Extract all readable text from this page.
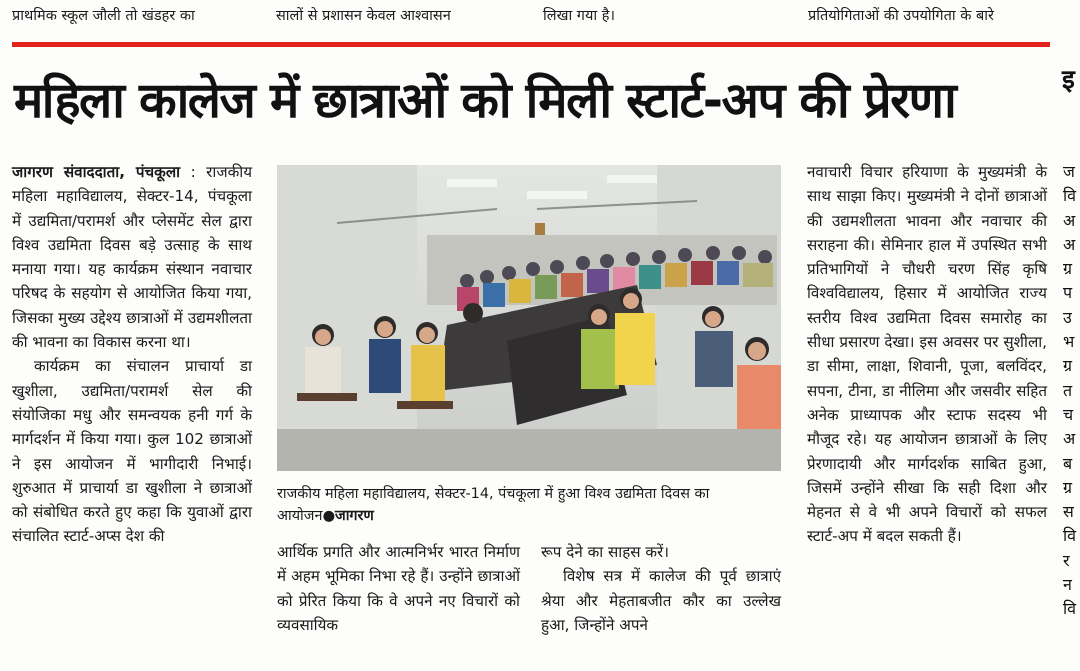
प्राथमिक स्कूल जौली तो खंडहर का	सालों से प्रशासन केवल आश्वासन	लिखा गया है।	प्रतियोगिताओं की उपयोगिता के बारे
महिला कालेज में छात्राओं को मिली स्टार्ट-अप की प्रेरणा	इ

जागरण संवाददाता, पंचकूला : राजकीय महिला महाविद्यालय, सेक्टर-14, पंचकूला में उद्यमिता/परामर्श और प्लेसमेंट सेल द्वारा विश्व उद्यमिता दिवस बड़े उत्साह के साथ मनाया गया। यह कार्यक्रम संस्थान नवाचार परिषद के सहयोग से आयोजित किया गया, जिसका मुख्य उद्देश्य छात्राओं में उद्यमशीलता की भावना का विकास करना था।

कार्यक्रम का संचालन प्राचार्या डा खुशीला, उद्यमिता/परामर्श सेल की संयोजिका मधु और समन्वयक हनी गर्ग के मार्गदर्शन में किया गया। कुल 102 छात्राओं ने इस आयोजन में भागीदारी निभाई। शुरुआत में प्राचार्या डा खुशीला ने छात्राओं को संबोधित करते हुए कहा कि युवाओं द्वारा संचालित स्टार्ट-अप्स देश की

राजकीय महिला महाविद्यालय, सेक्टर-14, पंचकूला में हुआ विश्व उद्यमिता दिवस का आयोजन●जागरण

आर्थिक प्रगति और आत्मनिर्भर भारत निर्माण में अहम भूमिका निभा रहे हैं। उन्होंने छात्राओं को प्रेरित किया कि वे अपने नए विचारों को व्यवसायिक

रूप देने का साहस करें।

विशेष सत्र में कालेज की पूर्व छात्राएं श्रेया और मेहताबजीत कौर का उल्लेख हुआ, जिन्होंने अपने

नवाचारी विचार हरियाणा के मुख्यमंत्री के साथ साझा किए। मुख्यमंत्री ने दोनों छात्राओं की उद्यमशीलता भावना और नवाचार की सराहना की। सेमिनार हाल में उपस्थित सभी प्रतिभागियों ने चौधरी चरण सिंह कृषि विश्वविद्यालय, हिसार में आयोजित राज्य स्तरीय विश्व उद्यमिता दिवस समारोह का सीधा प्रसारण देखा। इस अवसर पर सुशीला, डा सीमा, लाक्षा, शिवानी, पूजा, बलविंदर, सपना, टीना, डा नीलिमा और जसवीर सहित अनेक प्राध्यापक और स्टाफ सदस्य भी मौजूद रहे। यह आयोजन छात्राओं के लिए प्रेरणादायी और मार्गदर्शक साबित हुआ, जिसमें उन्होंने सीखा कि सही दिशा और मेहनत से वे भी अपने विचारों को सफल स्टार्ट-अप में बदल सकती हैं।

ज
वि
अ
अ
ग्र
प
उ
भ
ग्र
त
च
अ
ब
ग्र
स
वि
र
न
वि
